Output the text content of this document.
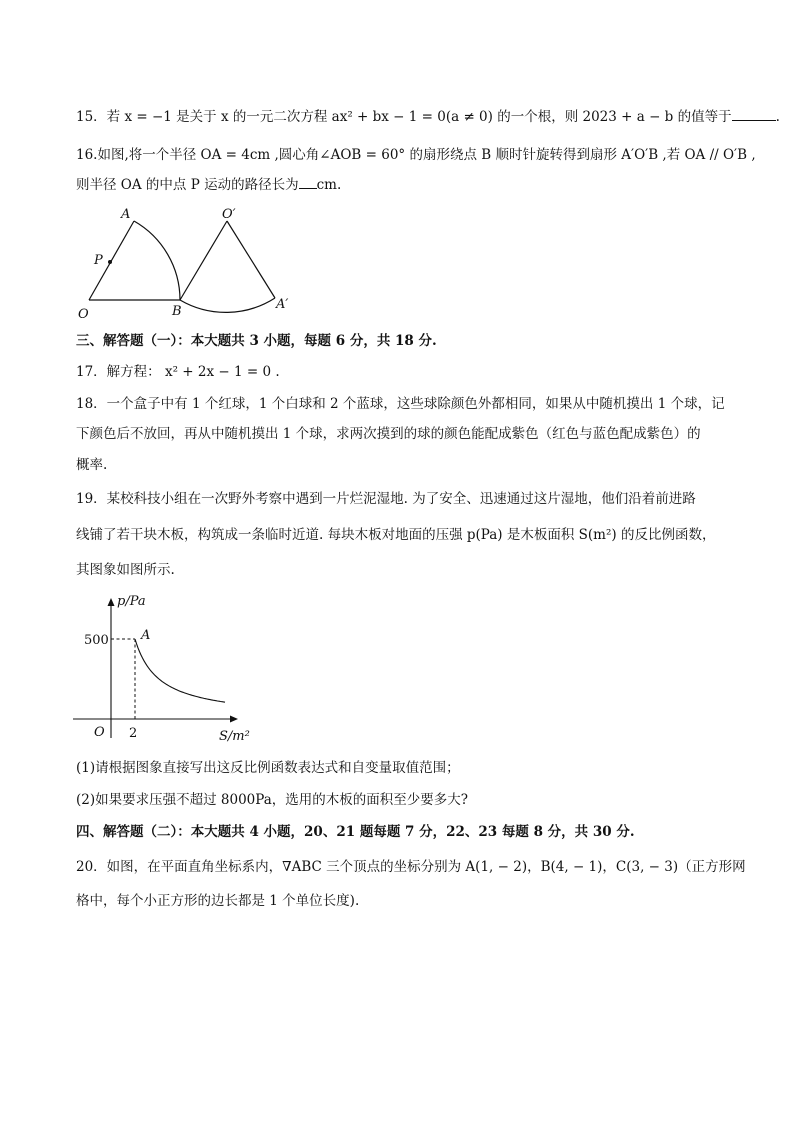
15．若 x = −1 是关于 x 的一元二次方程 ax² + bx − 1 = 0(a ≠ 0) 的一个根，则 2023 + a − b 的值等于	.
16.如图,将一个半径 OA = 4cm ,圆心角∠AOB = 60° 的扇形绕点 B 顺时针旋转得到扇形 A′O′B ,若 OA // O′B ,
则半径 OA 的中点 P 运动的路径长为 cm.
A	O′
P
O	B	A′
三、解答题（一）：本大题共 3 小题，每题 6 分，共 18 分.
17．解方程： x² + 2x − 1 = 0 .
18．一个盒子中有 1 个红球，1 个白球和 2 个蓝球，这些球除颜色外都相同，如果从中随机摸出 1 个球，记
下颜色后不放回，再从中随机摸出 1 个球，求两次摸到的球的颜色能配成紫色（红色与蓝色配成紫色）的
概率.
19．某校科技小组在一次野外考察中遇到一片烂泥湿地. 为了安全、迅速通过这片湿地，他们沿着前进路
线铺了若干块木板，构筑成一条临时近道. 每块木板对地面的压强 p(Pa) 是木板面积 S(m²) 的反比例函数，
其图象如图所示.
p/Pa
500 A
O 2	S/m²
(1)请根据图象直接写出这反比例函数表达式和自变量取值范围；
(2)如果要求压强不超过 8000Pa，选用的木板的面积至少要多大?
四、解答题（二）：本大题共 4 小题，20、21 题每题 7 分，22、23 每题 8 分，共 30 分.
20．如图，在平面直角坐标系内，∇ABC 三个顶点的坐标分别为 A(1, − 2)，B(4, − 1)，C(3, − 3)（正方形网
格中，每个小正方形的边长都是 1 个单位长度).
